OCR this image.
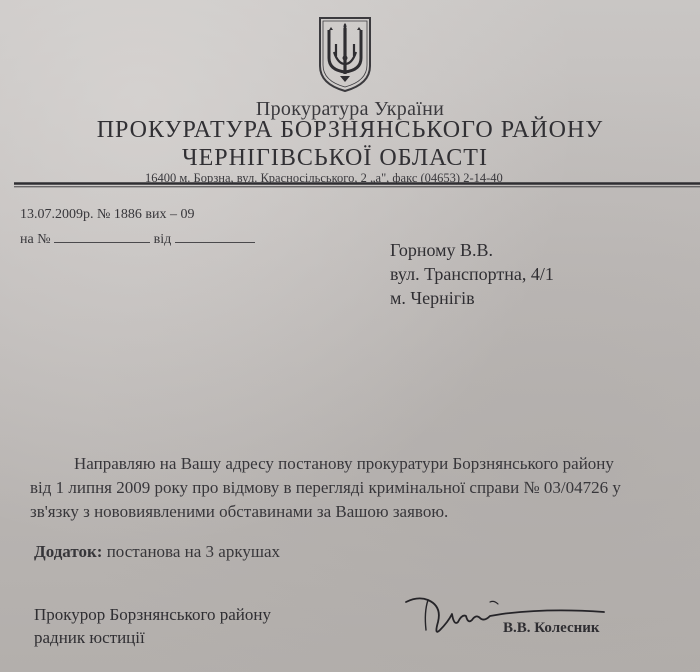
Прокуратура України
ПРОКУРАТУРА БОРЗНЯНСЬКОГО РАЙОНУ
ЧЕРНІГІВСЬКОЇ ОБЛАСТІ
16400 м. Борзна, вул. Красносільського, 2 „а", факс (04653) 2-14-40
13.07.2009р. № 1886 вих – 09
на №	від
Горному В.В.
вул. Транспортна, 4/1
м. Чернігів
Направляю на Вашу адресу постанову прокуратури Борзнянського району
від 1 липня 2009 року про відмову в перегляді кримінальної справи № 03/04726 у
зв'язку з нововиявленими обставинами за Вашою заявою.
Додаток: постанова на 3 аркушах
Прокурор Борзнянського району
радник юстиції	В.В. Колесник
